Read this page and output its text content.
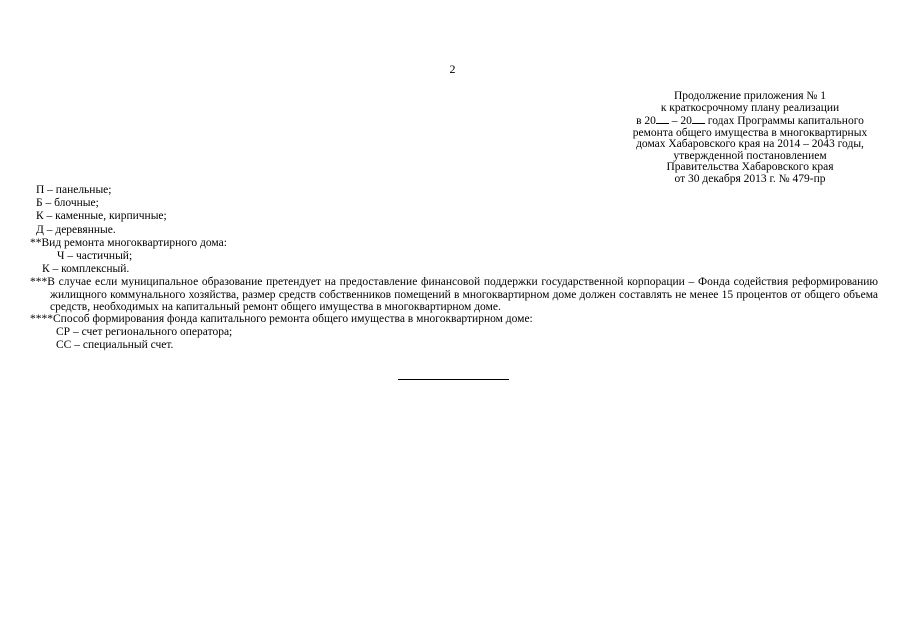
2
Продолжение приложения № 1
к краткосрочному плану реализации
в 20 – 20 годах Программы капитального
ремонта общего имущества в многоквартирных
домах Хабаровского края на 2014 – 2043 годы,
утвержденной постановлением
Правительства Хабаровского края
от 30 декабря 2013 г. № 479-пр
П – панельные;
Б – блочные;
К – каменные, кирпичные;
Д – деревянные.
**Вид ремонта многоквартирного дома:
Ч – частичный;
К – комплексный.
***В случае если муниципальное образование претендует на предоставление финансовой поддержки государственной корпорации – Фонда содействия реформированию жилищного коммунального хозяйства, размер средств собственников помещений в многоквартирном доме должен составлять не менее 15 процентов от общего объема средств, необходимых на капитальный ремонт общего имущества в многоквартирном доме.
****Способ формирования фонда капитального ремонта общего имущества в многоквартирном доме:
СР – счет регионального оператора;
СС – специальный счет.
